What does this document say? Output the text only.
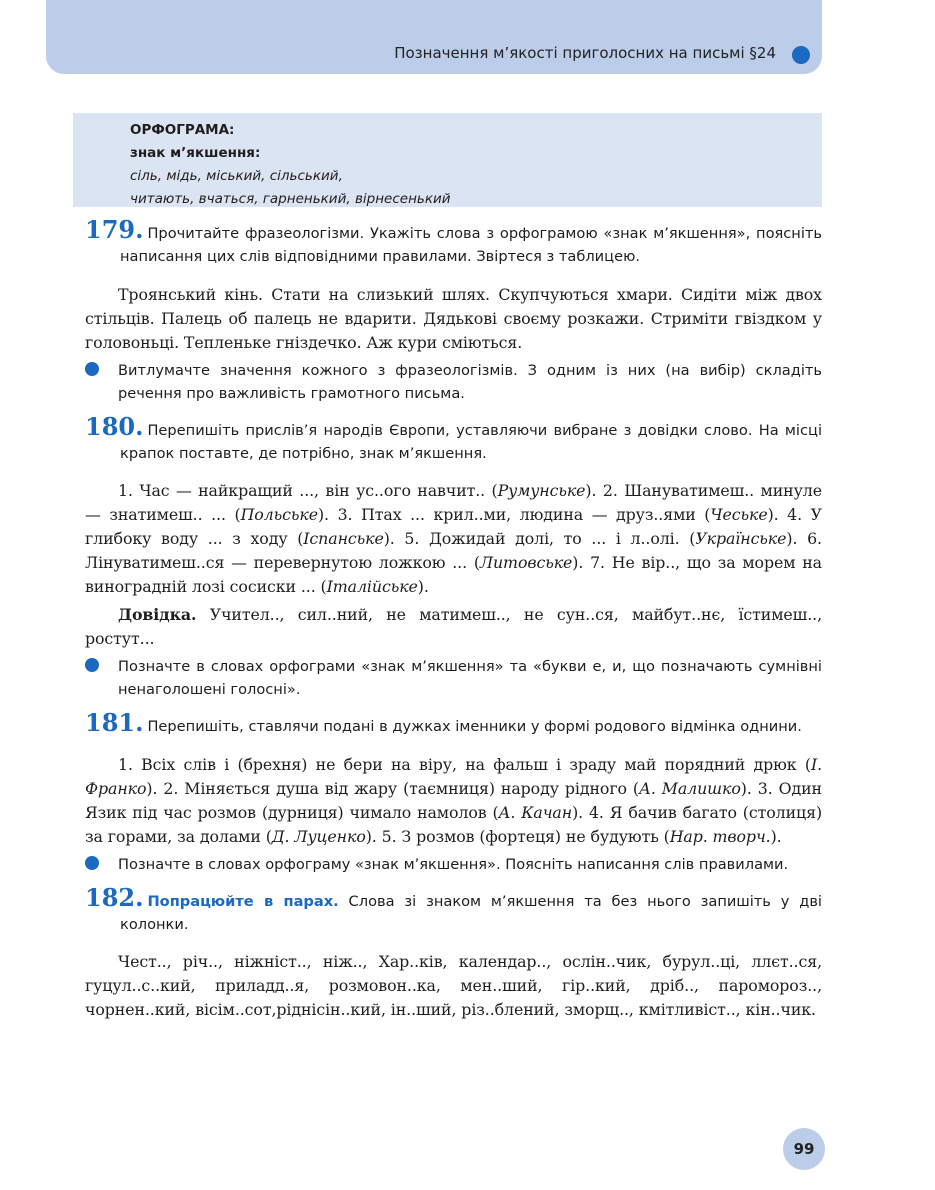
Позначення м’якості приголосних на письмі §24
ОРФОГРАМА:
знак м’якшення:
сіль, мідь, міський, сільський,
читають, вчаться, гарненький, вірнесенький

179. Прочитайте фразеологізми. Укажіть слова з орфограмою «знак м’якшення», поясніть написання цих слів відповідними правилами. Звіртеся з таблицею.

Троянський кінь. Стати на слизький шлях. Скупчуються хмари. Сидіти між двох стільців. Палець об палець не вдарити. Дядькові своєму розкажи. Стриміти гвіздком у головоньці. Тепленьке гніздечко. Аж кури сміються.

Витлумачте значення кожного з фразеологізмів. З одним із них (на вибір) складіть речення про важливість грамотного письма.

180. Перепишіть прислів’я народів Європи, уставляючи вибране з довідки слово. На місці крапок поставте, де потрібно, знак м’якшення.

1. Час — найкращий ..., він ус..ого навчит.. (Румунське). 2. Шануватимеш.. минуле — знатимеш.. ... (Польське). 3. Птах ... крил..ми, людина — друз..ями (Чеське). 4. У глибоку воду ... з ходу (Іспанське). 5. Дожидай долі, то ... і л..олі. (Українське). 6. Лінуватимеш..ся — перевернутою ложкою ... (Литовське). 7. Не вір.., що за морем на виноградній лозі сосиски ... (Італійське).

Довідка. Учител.., сил..ний, не матимеш.., не сун..ся, майбут..нє, їстимеш.., ростут...

Позначте в словах орфограми «знак м’якшення» та «букви е, и, що позначають сумнівні ненаголошені голосні».

181. Перепишіть, ставлячи подані в дужках іменники у формі родового відмінка однини.

1. Всіх слів і (брехня) не бери на віру, на фальш і зраду май порядний дрюк (І. Франко). 2. Міняється душа від жару (таємниця) народу рідного (А. Малишко). 3. Один Язик під час розмов (дурниця) чимало намолов (А. Качан). 4. Я бачив багато (столиця) за горами, за долами (Д. Луценко). 5. З розмов (фортеця) не будують (Нар. творч.).

Позначте в словах орфограму «знак м’якшення». Поясніть написання слів правилами.

182. Попрацюйте в парах. Слова зі знаком м’якшення та без нього запишіть у дві колонки.

Чест.., річ.., ніжніст.., ніж.., Хар..ків, календар.., ослін..чик, бурул..ці, ллєт..ся, гуцул..с..кий, приладд..я, розмовон..ка, мен..ший, гір..кий, дріб.., пароморoз.., чорнен..кий, вісім..сот,ріднісін..кий, ін..ший, різ..блений, зморщ.., кмітливіст.., кін..чик.

99
